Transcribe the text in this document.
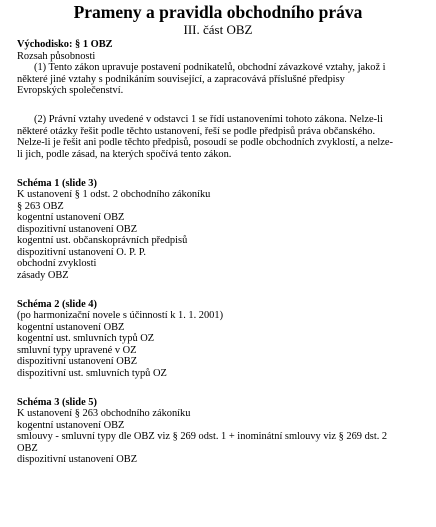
Prameny a pravidla obchodního práva
III. část OBZ
Východisko: § 1 OBZ
Rozsah působnosti
(1) Tento zákon upravuje postavení podnikatelů, obchodní závazkové vztahy, jakož i
některé jiné vztahy s podnikáním související, a zapracovává příslušné předpisy
Evropských společenství.
(2) Právní vztahy uvedené v odstavci 1 se řídí ustanoveními tohoto zákona. Nelze-li
některé otázky řešit podle těchto ustanovení, řeší se podle předpisů práva občanského.
Nelze-li je řešit ani podle těchto předpisů, posoudí se podle obchodních zvyklostí, a nelze-
li jich, podle zásad, na kterých spočívá tento zákon.
Schéma 1 (slide 3)
K ustanovení § 1 odst. 2 obchodního zákoníku
§ 263 OBZ
kogentní ustanovení OBZ
dispozitivní ustanovení OBZ
kogentní ust. občanskoprávních předpisů
dispozitivní ustanovení O. P. P.
obchodní zvyklosti
zásady OBZ
Schéma 2 (slide 4)
(po harmonizační novele s účinností k 1. 1. 2001)
kogentní ustanovení OBZ
kogentní ust. smluvních typů OZ
smluvní typy upravené v OZ
dispozitivní ustanovení OBZ
dispozitivní ust. smluvních typů OZ
Schéma 3 (slide 5)
K ustanovení § 263 obchodního zákoníku
kogentní ustanovení OBZ
smlouvy - smluvní typy dle OBZ viz § 269 odst. 1 + inominátní smlouvy viz § 269 dst. 2
OBZ
dispozitivní ustanovení OBZ
